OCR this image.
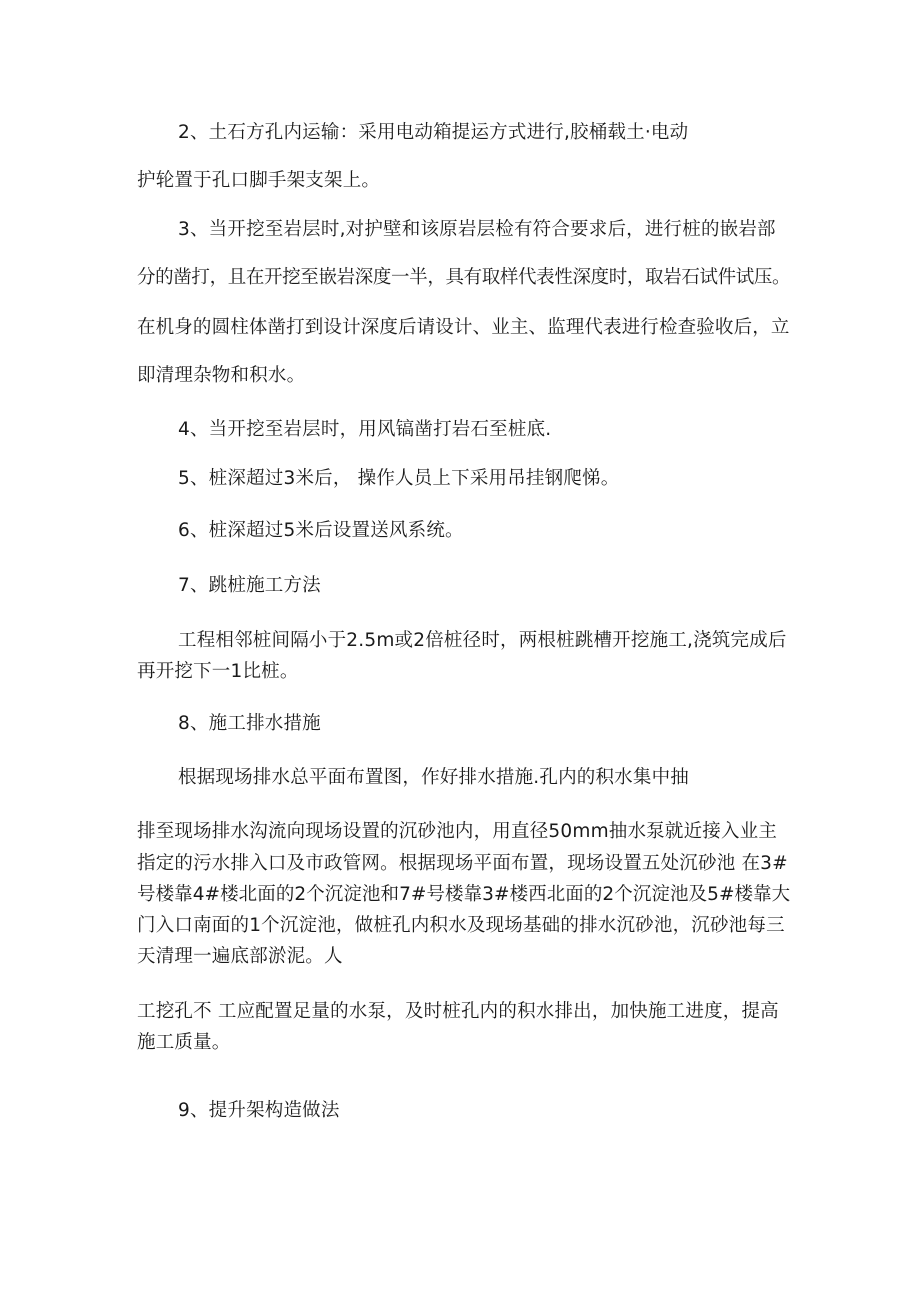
2、土石方孔内运输：采用电动箱提运方式进行,胶桶载土·电动
护轮置于孔口脚手架支架上。
3、当开挖至岩层时,对护壁和该原岩层检有符合要求后，进行桩的嵌岩部
分的凿打，且在开挖至嵌岩深度一半，具有取样代表性深度时，取岩石试件试压。
在机身的圆柱体凿打到设计深度后请设计、业主、监理代表进行检查验收后，立
即清理杂物和积水。
4、当开挖至岩层时，用风镐凿打岩石至桩底.
5、桩深超过3米后， 操作人员上下采用吊挂钢爬悌。
6、桩深超过5米后设置送风系统。
7、跳桩施工方法
工程相邻桩间隔小于2.5m或2倍桩径时，两根桩跳槽开挖施工,浇筑完成后
再开挖下一1比桩。
8、施工排水措施
根据现场排水总平面布置图，作好排水措施.孔内的积水集中抽
排至现场排水沟流向现场设置的沉砂池内，用直径50mm抽水泵就近接入业主
指定的污水排入口及市政管网。根据现场平面布置，现场设置五处沉砂池 在3#
号楼靠4#楼北面的2个沉淀池和7#号楼靠3#楼西北面的2个沉淀池及5#楼靠大
门入口南面的1个沉淀池，做桩孔内积水及现场基础的排水沉砂池，沉砂池每三
天清理一遍底部淤泥。人
工挖孔不 工应配置足量的水泵，及时桩孔内的积水排出，加快施工进度，提高
施工质量。
9、提升架构造做法
